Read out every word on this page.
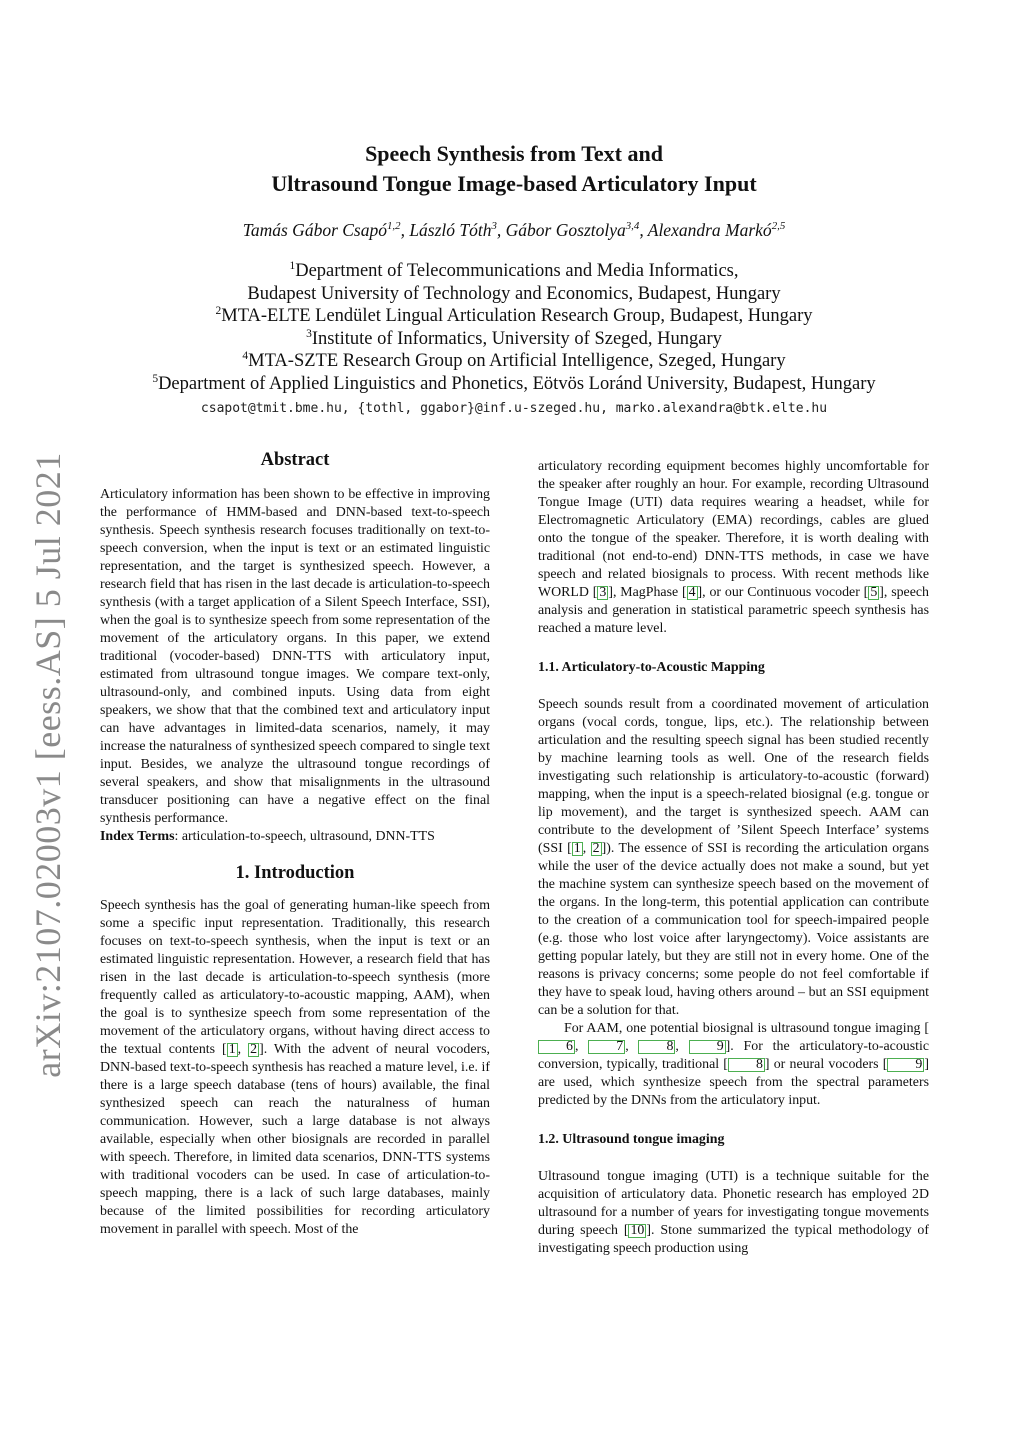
arXiv:2107.02003v1 [eess.AS] 5 Jul 2021
Speech Synthesis from Text and
Ultrasound Tongue Image-based Articulatory Input
Tamás Gábor Csapó$^{1,2}$, László Tóth$^3$, Gábor Gosztolya$^{3,4}$, Alexandra Markó$^{2,5}$
$^1$Department of Telecommunications and Media Informatics,
Budapest University of Technology and Economics, Budapest, Hungary
$^2$MTA-ELTE Lendület Lingual Articulation Research Group, Budapest, Hungary
$^3$Institute of Informatics, University of Szeged, Hungary
$^4$MTA-SZTE Research Group on Artificial Intelligence, Szeged, Hungary
$^5$Department of Applied Linguistics and Phonetics, Eötvös Loránd University, Budapest, Hungary
csapot@tmit.bme.hu, {tothl, ggabor}@inf.u-szeged.hu, marko.alexandra@btk.elte.hu

Abstract

Articulatory information has been shown to be effective in improving the performance of HMM-based and DNN-based text-to-speech synthesis. Speech synthesis research focuses traditionally on text-to-speech conversion, when the input is text or an estimated linguistic representation, and the target is synthesized speech. However, a research field that has risen in the last decade is articulation-to-speech synthesis (with a target application of a Silent Speech Interface, SSI), when the goal is to synthesize speech from some representation of the movement of the articulatory organs. In this paper, we extend traditional (vocoder-based) DNN-TTS with articulatory input, estimated from ultrasound tongue images. We compare text-only, ultrasound-only, and combined inputs. Using data from eight speakers, we show that that the combined text and articulatory input can have advantages in limited-data scenarios, namely, it may increase the naturalness of synthesized speech compared to single text input. Besides, we analyze the ultrasound tongue recordings of several speakers, and show that misalignments in the ultrasound transducer positioning can have a negative effect on the final synthesis performance.

Index Terms: articulation-to-speech, ultrasound, DNN-TTS

1. Introduction

Speech synthesis has the goal of generating human-like speech from some a specific input representation. Traditionally, this research focuses on text-to-speech synthesis, when the input is text or an estimated linguistic representation. However, a research field that has risen in the last decade is articulation-to-speech synthesis (more frequently called as articulatory-to-acoustic mapping, AAM), when the goal is to synthesize speech from some representation of the movement of the articulatory organs, without having direct access to the textual contents [ 1 , 2 ]. With the advent of neural vocoders, DNN-based text-to-speech synthesis has reached a mature level, i.e. if there is a large speech database (tens of hours) available, the final synthesized speech can reach the naturalness of human communication. However, such a large database is not always available, especially when other biosignals are recorded in parallel with speech. Therefore, in limited data scenarios, DNN-TTS systems with traditional vocoders can be used. In case of articulation-to-speech mapping, there is a lack of such large databases, mainly because of the limited possibilities for recording articulatory movement in parallel with speech. Most of the

articulatory recording equipment becomes highly uncomfortable for the speaker after roughly an hour. For example, recording Ultrasound Tongue Image (UTI) data requires wearing a headset, while for Electromagnetic Articulatory (EMA) recordings, cables are glued onto the tongue of the speaker. Therefore, it is worth dealing with traditional (not end-to-end) DNN-TTS methods, in case we have speech and related biosignals to process. With recent methods like WORLD [ 3 ], MagPhase [ 4 ], or our Continuous vocoder [ 5 ], speech analysis and generation in statistical parametric speech synthesis has reached a mature level.

1.1. Articulatory-to-Acoustic Mapping

Speech sounds result from a coordinated movement of articulation organs (vocal cords, tongue, lips, etc.). The relationship between articulation and the resulting speech signal has been studied recently by machine learning tools as well. One of the research fields investigating such relationship is articulatory-to-acoustic (forward) mapping, when the input is a speech-related biosignal (e.g. tongue or lip movement), and the target is synthesized speech. AAM can contribute to the development of ’Silent Speech Interface’ systems (SSI [ 1 , 2 ]). The essence of SSI is recording the articulation organs while the user of the device actually does not make a sound, but yet the machine system can synthesize speech based on the movement of the organs. In the long-term, this potential application can contribute to the creation of a communication tool for speech-impaired people (e.g. those who lost voice after laryngectomy). Voice assistants are getting popular lately, but they are still not in every home. One of the reasons is privacy concerns; some people do not feel comfortable if they have to speak loud, having others around – but an SSI equipment can be a solution for that.

For AAM, one potential biosignal is ultrasound tongue imaging [6 , 7 , 8 , 9 ]. For the articulatory-to-acoustic conversion, typically, traditional [ 8 ] or neural vocoders [ 9 ] are used, which synthesize speech from the spectral parameters predicted by the DNNs from the articulatory input.

1.2. Ultrasound tongue imaging

Ultrasound tongue imaging (UTI) is a technique suitable for the acquisition of articulatory data. Phonetic research has employed 2D ultrasound for a number of years for investigating tongue movements during speech [ 10 ]. Stone summarized the typical methodology of investigating speech production using
